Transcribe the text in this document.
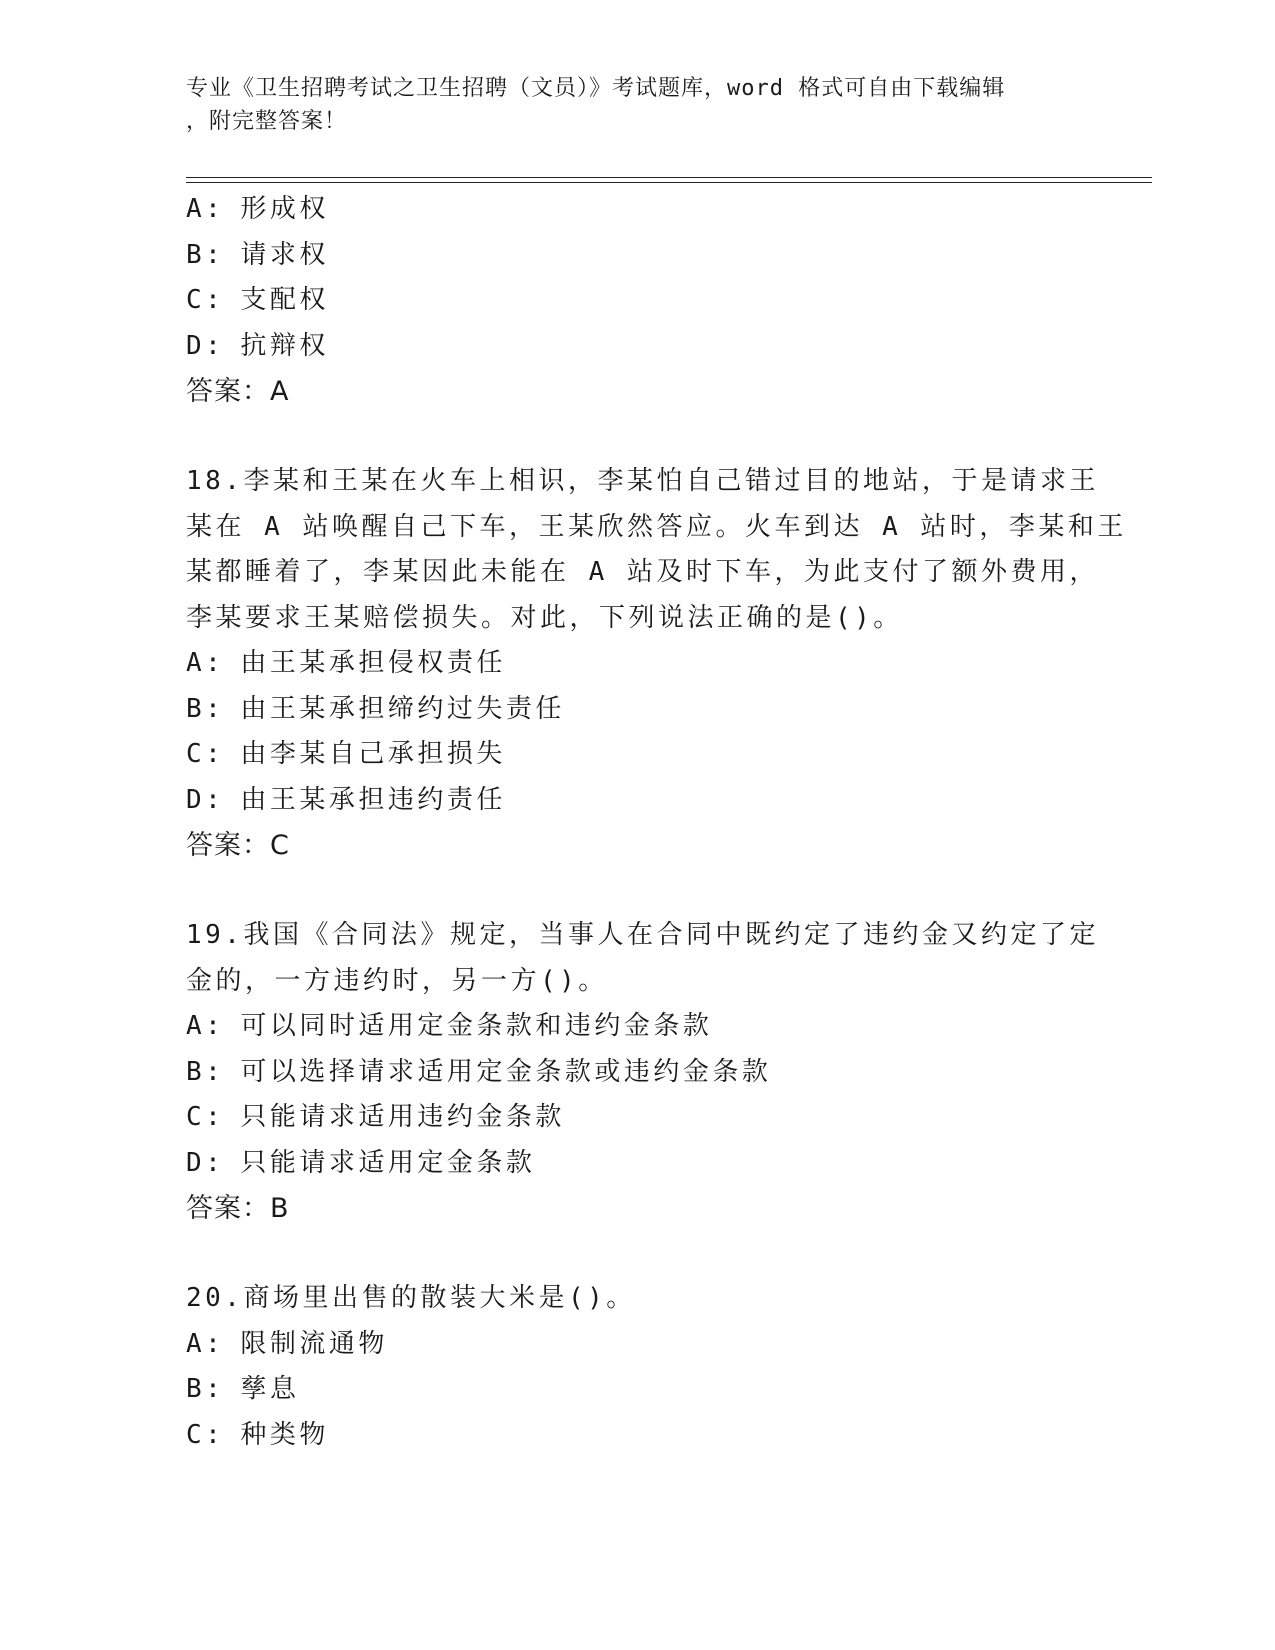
专业《卫生招聘考试之卫生招聘（文员）》考试题库，word 格式可自由下载编辑
，附完整答案！
A: 形成权
B: 请求权
C: 支配权
D: 抗辩权
答案：A
18.李某和王某在火车上相识，李某怕自己错过目的地站，于是请求王
某在 A 站唤醒自己下车，王某欣然答应。火车到达 A 站时，李某和王
某都睡着了，李某因此未能在 A 站及时下车，为此支付了额外费用，
李某要求王某赔偿损失。对此，下列说法正确的是()。
A: 由王某承担侵权责任
B: 由王某承担缔约过失责任
C: 由李某自己承担损失
D: 由王某承担违约责任
答案：C
19.我国《合同法》规定，当事人在合同中既约定了违约金又约定了定
金的，一方违约时，另一方()。
A: 可以同时适用定金条款和违约金条款
B: 可以选择请求适用定金条款或违约金条款
C: 只能请求适用违约金条款
D: 只能请求适用定金条款
答案：B
20.商场里出售的散装大米是()。
A: 限制流通物
B: 孳息
C: 种类物
